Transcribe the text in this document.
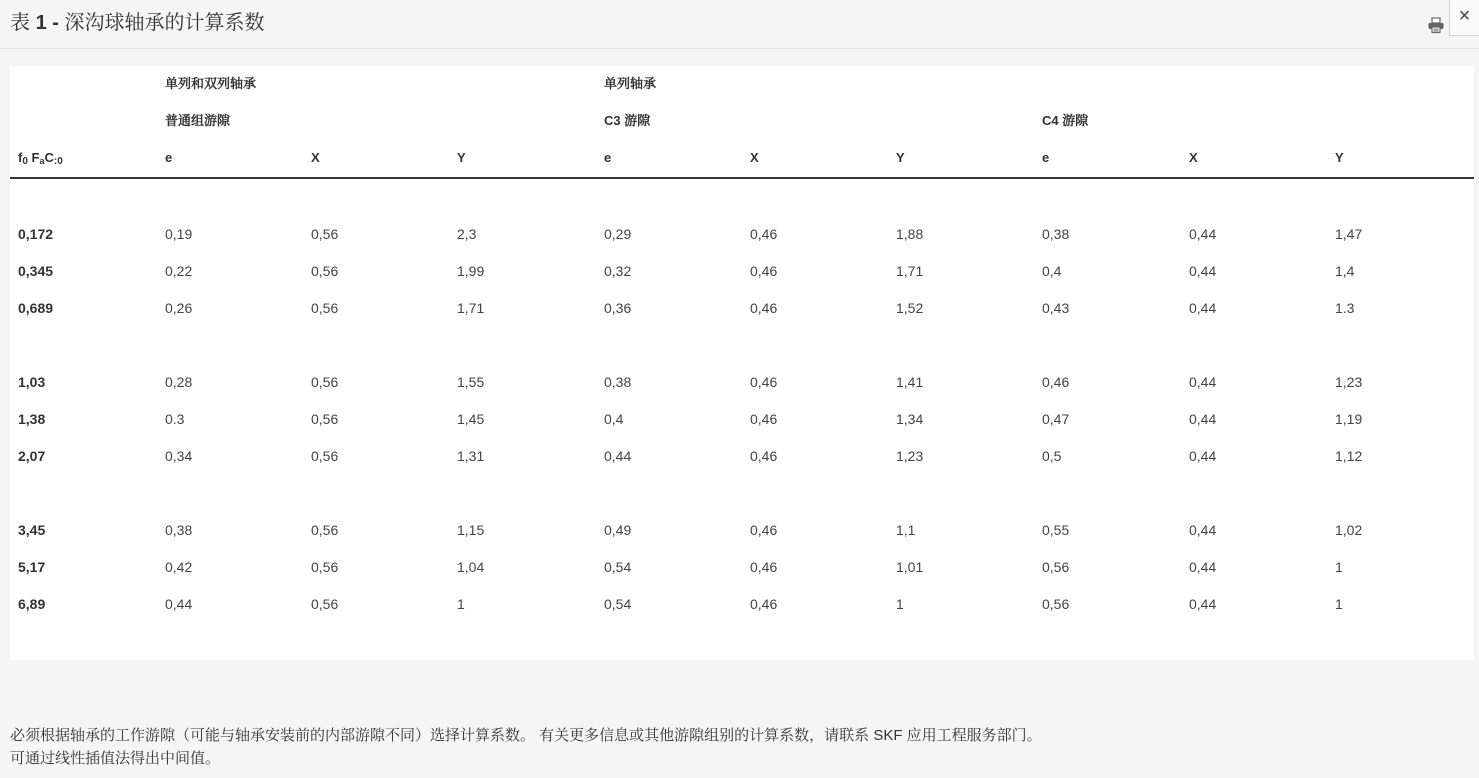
表 1 - 深沟球轴承的计算系数	×
单列和双列轴承	单列轴承
普通组游隙	C3 游隙	C4 游隙
f0 FaC:0	e	X	Y	e	X	Y	e	X	Y
0,172	0,19	0,56	2,3	0,29	0,46	1,88	0,38	0,44	1,47
0,345	0,22	0,56	1,99	0,32	0,46	1,71	0,4	0,44	1,4
0,689	0,26	0,56	1,71	0,36	0,46	1,52	0,43	0,44	1.3
1,03	0,28	0,56	1,55	0,38	0,46	1,41	0,46	0,44	1,23
1,38	0.3	0,56	1,45	0,4	0,46	1,34	0,47	0,44	1,19
2,07	0,34	0,56	1,31	0,44	0,46	1,23	0,5	0,44	1,12
3,45	0,38	0,56	1,15	0,49	0,46	1,1	0,55	0,44	1,02
5,17	0,42	0,56	1,04	0,54	0,46	1,01	0,56	0,44	1
6,89	0,44	0,56	1	0,54	0,46	1	0,56	0,44	1
必须根据轴承的工作游隙（可能与轴承安装前的内部游隙不同）选择计算系数。 有关更多信息或其他游隙组别的计算系数，请联系 SKF 应用工程服务部门。
可通过线性插值法得出中间值。
